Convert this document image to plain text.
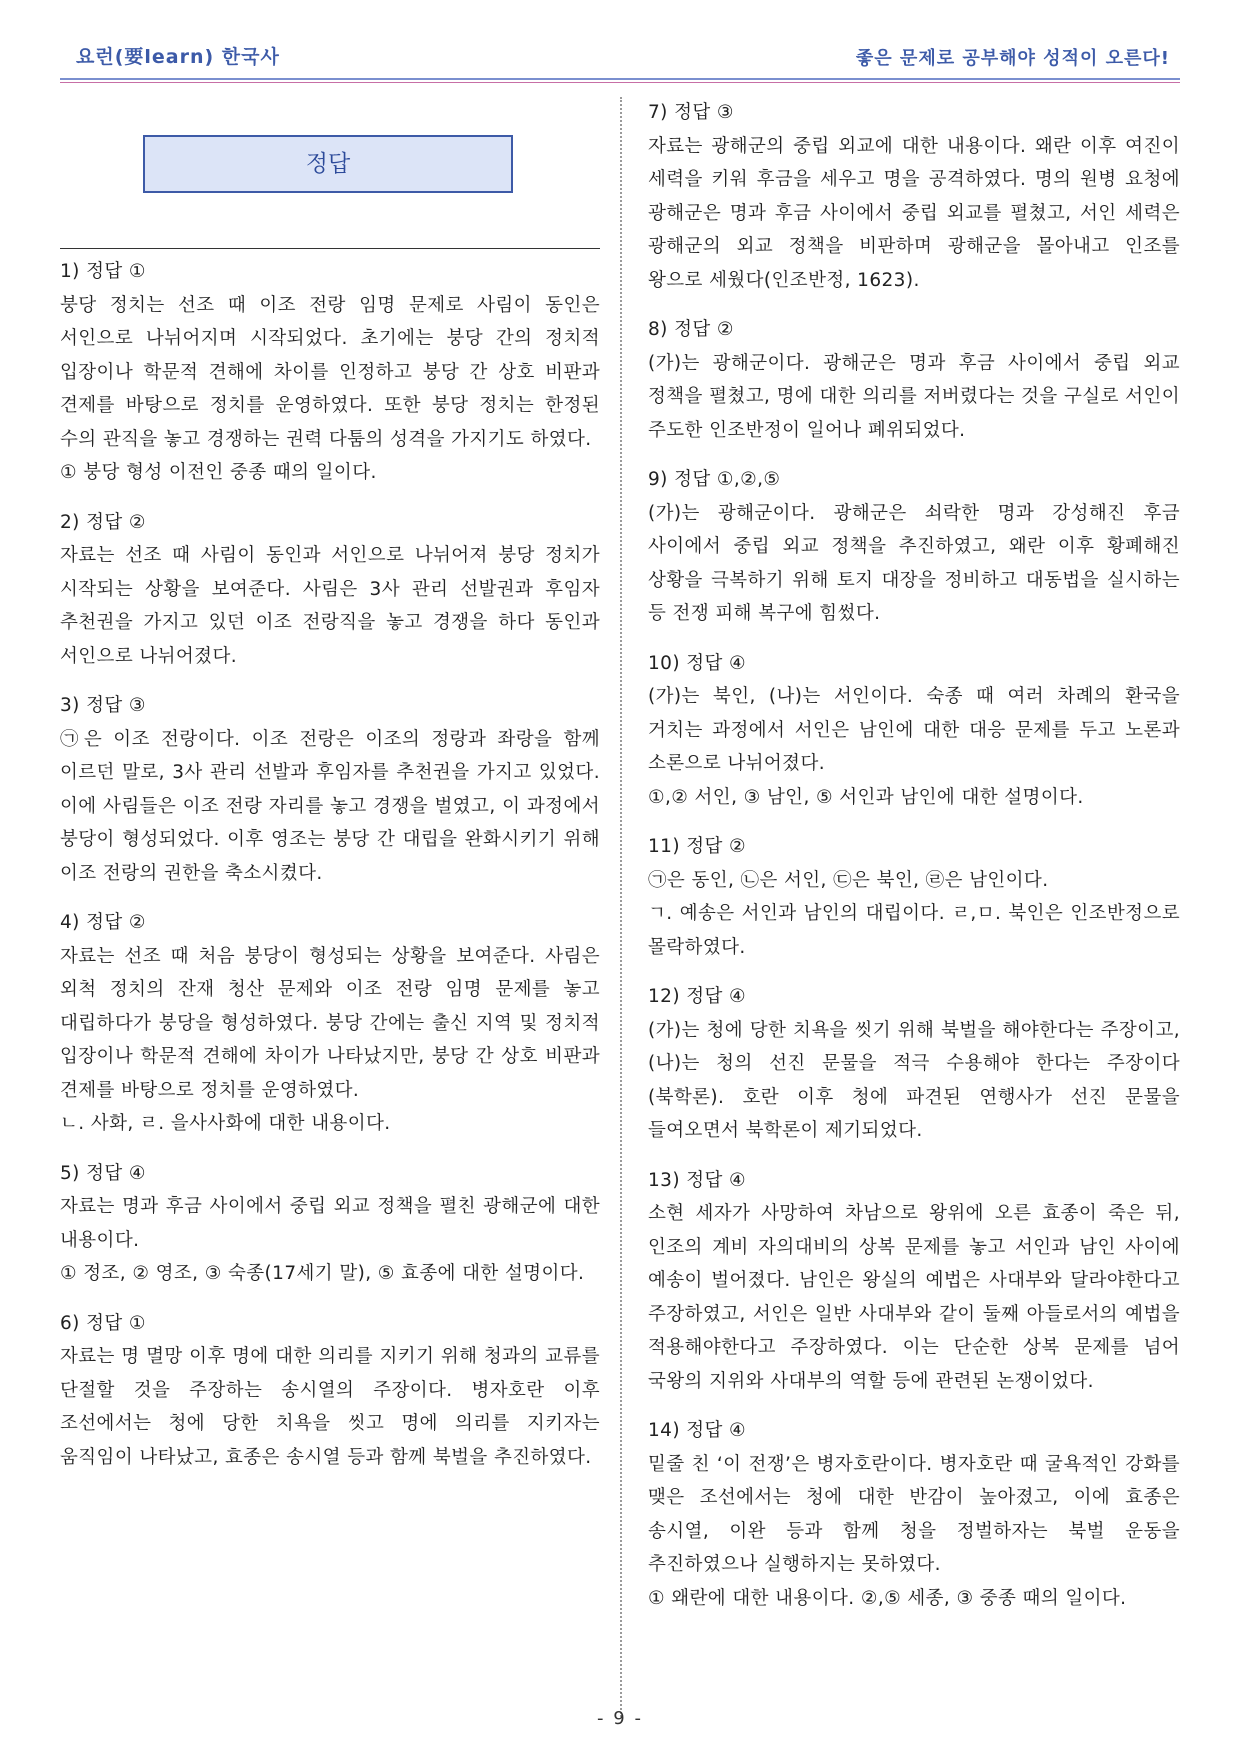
요런(要learn) 한국사	좋은 문제로 공부해야 성적이 오른다!
정답
1) 정답 ①
붕당 정치는 선조 때 이조 전랑 임명 문제로 사림이 동인은 서인으로 나뉘어지며 시작되었다. 초기에는 붕당 간의 정치적 입장이나 학문적 견해에 차이를 인정하고 붕당 간 상호 비판과 견제를 바탕으로 정치를 운영하였다. 또한 붕당 정치는 한정된 수의 관직을 놓고 경쟁하는 권력 다툼의 성격을 가지기도 하였다.
① 붕당 형성 이전인 중종 때의 일이다.
2) 정답 ②
자료는 선조 때 사림이 동인과 서인으로 나뉘어져 붕당 정치가 시작되는 상황을 보여준다. 사림은 3사 관리 선발권과 후임자 추천권을 가지고 있던 이조 전랑직을 놓고 경쟁을 하다 동인과 서인으로 나뉘어졌다.
3) 정답 ③
㉠은 이조 전랑이다. 이조 전랑은 이조의 정랑과 좌랑을 함께 이르던 말로, 3사 관리 선발과 후임자를 추천권을 가지고 있었다. 이에 사림들은 이조 전랑 자리를 놓고 경쟁을 벌였고, 이 과정에서 붕당이 형성되었다. 이후 영조는 붕당 간 대립을 완화시키기 위해 이조 전랑의 권한을 축소시켰다.
4) 정답 ②
자료는 선조 때 처음 붕당이 형성되는 상황을 보여준다. 사림은 외척 정치의 잔재 청산 문제와 이조 전랑 임명 문제를 놓고 대립하다가 붕당을 형성하였다. 붕당 간에는 출신 지역 및 정치적 입장이나 학문적 견해에 차이가 나타났지만, 붕당 간 상호 비판과 견제를 바탕으로 정치를 운영하였다.
ㄴ. 사화, ㄹ. 을사사화에 대한 내용이다.
5) 정답 ④
자료는 명과 후금 사이에서 중립 외교 정책을 펼친 광해군에 대한 내용이다.
① 정조, ② 영조, ③ 숙종(17세기 말), ⑤ 효종에 대한 설명이다.
6) 정답 ①
자료는 명 멸망 이후 명에 대한 의리를 지키기 위해 청과의 교류를 단절할 것을 주장하는 송시열의 주장이다. 병자호란 이후 조선에서는 청에 당한 치욕을 씻고 명에 의리를 지키자는 움직임이 나타났고, 효종은 송시열 등과 함께 북벌을 추진하였다.
7) 정답 ③
자료는 광해군의 중립 외교에 대한 내용이다. 왜란 이후 여진이 세력을 키워 후금을 세우고 명을 공격하였다. 명의 원병 요청에 광해군은 명과 후금 사이에서 중립 외교를 펼쳤고, 서인 세력은 광해군의 외교 정책을 비판하며 광해군을 몰아내고 인조를 왕으로 세웠다(인조반정, 1623).
8) 정답 ②
(가)는 광해군이다. 광해군은 명과 후금 사이에서 중립 외교 정책을 펼쳤고, 명에 대한 의리를 저버렸다는 것을 구실로 서인이 주도한 인조반정이 일어나 폐위되었다.
9) 정답 ①,②,⑤
(가)는 광해군이다. 광해군은 쇠락한 명과 강성해진 후금 사이에서 중립 외교 정책을 추진하였고, 왜란 이후 황폐해진 상황을 극복하기 위해 토지 대장을 정비하고 대동법을 실시하는 등 전쟁 피해 복구에 힘썼다.
10) 정답 ④
(가)는 북인, (나)는 서인이다. 숙종 때 여러 차례의 환국을 거치는 과정에서 서인은 남인에 대한 대응 문제를 두고 노론과 소론으로 나뉘어졌다.
①,② 서인, ③ 남인, ⑤ 서인과 남인에 대한 설명이다.
11) 정답 ②
㉠은 동인, ㉡은 서인, ㉢은 북인, ㉣은 남인이다.
ㄱ. 예송은 서인과 남인의 대립이다. ㄹ,ㅁ. 북인은 인조반정으로 몰락하였다.
12) 정답 ④
(가)는 청에 당한 치욕을 씻기 위해 북벌을 해야한다는 주장이고, (나)는 청의 선진 문물을 적극 수용해야 한다는 주장이다(북학론). 호란 이후 청에 파견된 연행사가 선진 문물을 들여오면서 북학론이 제기되었다.
13) 정답 ④
소현 세자가 사망하여 차남으로 왕위에 오른 효종이 죽은 뒤, 인조의 계비 자의대비의 상복 문제를 놓고 서인과 남인 사이에 예송이 벌어졌다. 남인은 왕실의 예법은 사대부와 달라야한다고 주장하였고, 서인은 일반 사대부와 같이 둘째 아들로서의 예법을 적용해야한다고 주장하였다. 이는 단순한 상복 문제를 넘어 국왕의 지위와 사대부의 역할 등에 관련된 논쟁이었다.
14) 정답 ④
밑줄 친 ‘이 전쟁’은 병자호란이다. 병자호란 때 굴욕적인 강화를 맺은 조선에서는 청에 대한 반감이 높아졌고, 이에 효종은 송시열, 이완 등과 함께 청을 정벌하자는 북벌 운동을 추진하였으나 실행하지는 못하였다.
① 왜란에 대한 내용이다. ②,⑤ 세종, ③ 중종 때의 일이다.
- 9 -
